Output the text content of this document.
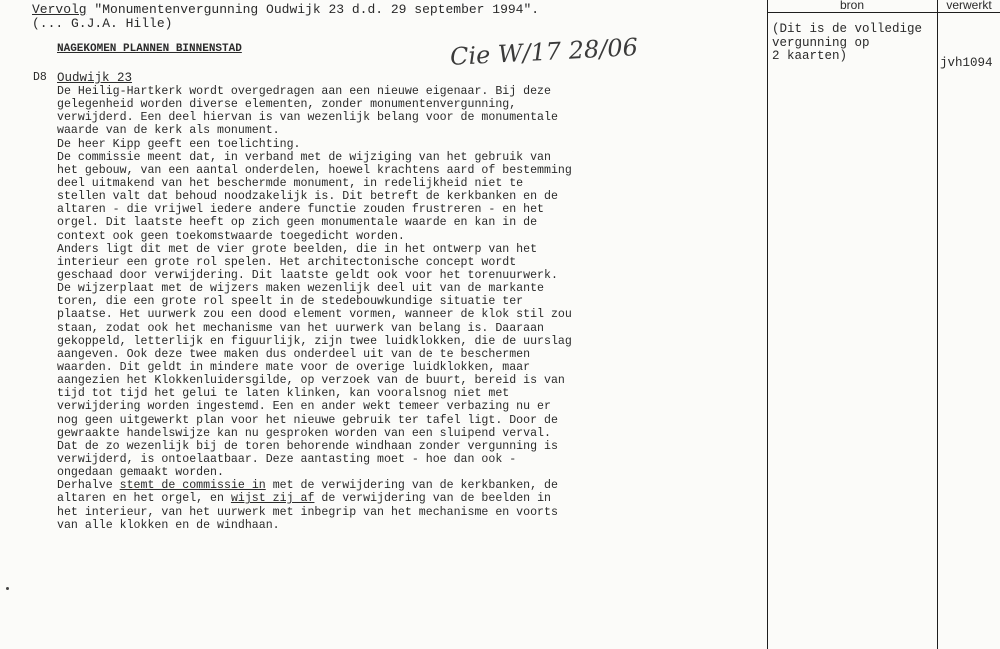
Vervolg "Monumentenvergunning Oudwijk 23 d.d. 29 september 1994".
(... G.J.A. Hille)
NAGEKOMEN PLANNEN BINNENSTAD	Cie W/17 28/06
D8 Oudwijk 23
De Heilig-Hartkerk wordt overgedragen aan een nieuwe eigenaar. Bij deze
gelegenheid worden diverse elementen, zonder monumentenvergunning,
verwijderd. Een deel hiervan is van wezenlijk belang voor de monumentale
waarde van de kerk als monument.
De heer Kipp geeft een toelichting.
De commissie meent dat, in verband met de wijziging van het gebruik van
het gebouw, van een aantal onderdelen, hoewel krachtens aard of bestemming
deel uitmakend van het beschermde monument, in redelijkheid niet te
stellen valt dat behoud noodzakelijk is. Dit betreft de kerkbanken en de
altaren - die vrijwel iedere andere functie zouden frustreren - en het
orgel. Dit laatste heeft op zich geen monumentale waarde en kan in de
context ook geen toekomstwaarde toegedicht worden.
Anders ligt dit met de vier grote beelden, die in het ontwerp van het
interieur een grote rol spelen. Het architectonische concept wordt
geschaad door verwijdering. Dit laatste geldt ook voor het torenuurwerk.
De wijzerplaat met de wijzers maken wezenlijk deel uit van de markante
toren, die een grote rol speelt in de stedebouwkundige situatie ter
plaatse. Het uurwerk zou een dood element vormen, wanneer de klok stil zou
staan, zodat ook het mechanisme van het uurwerk van belang is. Daaraan
gekoppeld, letterlijk en figuurlijk, zijn twee luidklokken, die de uurslag
aangeven. Ook deze twee maken dus onderdeel uit van de te beschermen
waarden. Dit geldt in mindere mate voor de overige luidklokken, maar
aangezien het Klokkenluidersgilde, op verzoek van de buurt, bereid is van
tijd tot tijd het gelui te laten klinken, kan vooralsnog niet met
verwijdering worden ingestemd. Een en ander wekt temeer verbazing nu er
nog geen uitgewerkt plan voor het nieuwe gebruik ter tafel ligt. Door de
gewraakte handelswijze kan nu gesproken worden van een sluipend verval.
Dat de zo wezenlijk bij de toren behorende windhaan zonder vergunning is
verwijderd, is ontoelaatbaar. Deze aantasting moet - hoe dan ook -
ongedaan gemaakt worden.
Derhalve stemt de commissie in met de verwijdering van de kerkbanken, de
altaren en het orgel, en wijst zij af de verwijdering van de beelden in
het interieur, van het uurwerk met inbegrip van het mechanisme en voorts
van alle klokken en de windhaan.
bron	verwerkt
(Dit is de volledige
vergunning op
2 kaarten)	jvh1094
